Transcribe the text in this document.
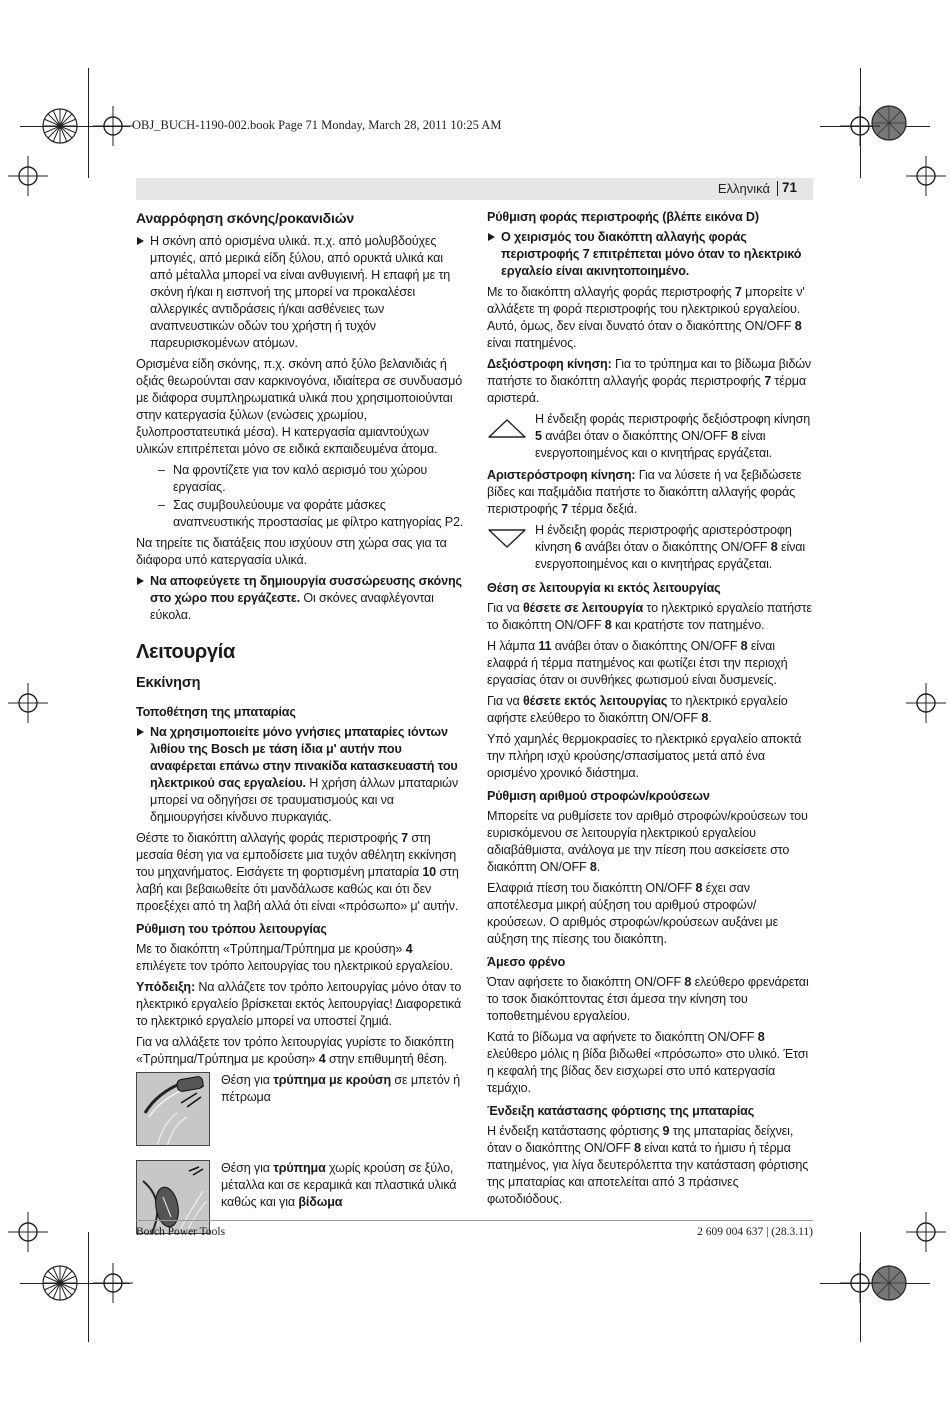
OBJ_BUCH-1190-002.book Page 71 Monday, March 28, 2011 10:25 AM
Ελληνικά 71
Αναρρόφηση σκόνης/ροκανιδιών

Η σκόνη από ορισμένα υλικά. π.χ. από μολυβδούχες μπογιές, από μερικά είδη ξύλου, από ορυκτά υλικά και από μέταλλα μπορεί να είναι ανθυγιεινή. Η επαφή με τη σκόνη ή/και η εισπνοή της μπορεί να προκαλέσει αλλεργικές αντιδράσεις ή/και ασθένειες των αναπνευστικών οδών του χρήστη ή τυχόν παρευρισκομένων ατόμων.

Ορισμένα είδη σκόνης, π.χ. σκόνη από ξύλο βελανιδιάς ή οξιάς θεωρούνται σαν καρκινογόνα, ιδιαίτερα σε συνδυασμό με διάφορα συμπληρωματικά υλικά που χρησιμοποιούνται στην κατεργασία ξύλων (ενώσεις χρωμίου, ξυλοπροστατευτικά μέσα). Η κατεργασία αμιαντούχων υλικών επιτρέπεται μόνο σε ειδικά εκπαιδευμένα άτομα.

– Να φροντίζετε για τον καλό αερισμό του χώρου εργασίας.
– Σας συμβουλεύουμε να φοράτε μάσκες αναπνευστικής προστασίας με φίλτρο κατηγορίας P2.

Να τηρείτε τις διατάξεις που ισχύουν στη χώρα σας για τα διάφορα υπό κατεργασία υλικά.

Να αποφεύγετε τη δημιουργία συσσώρευσης σκόνης στο χώρο που εργάζεστε. Οι σκόνες αναφλέγονται εύκολα.

Λειτουργία
Εκκίνηση
Τοποθέτηση της μπαταρίας

Να χρησιμοποιείτε μόνο γνήσιες μπαταρίες ιόντων λιθίου της Bosch με τάση ίδια μ' αυτήν που αναφέρεται επάνω στην πινακίδα κατασκευαστή του ηλεκτρικού σας εργαλείου. Η χρήση άλλων μπαταριών μπορεί να οδηγήσει σε τραυματισμούς και να δημιουργήσει κίνδυνο πυρκαγιάς.

Θέστε το διακόπτη αλλαγής φοράς περιστροφής 7 στη μεσαία θέση για να εμποδίσετε μια τυχόν αθέλητη εκκίνηση του μηχανήματος. Εισάγετε τη φορτισμένη μπαταρία 10 στη λαβή και βεβαιωθείτε ότι μανδάλωσε καθώς και ότι δεν προεξέχει από τη λαβή αλλά ότι είναι «πρόσωπο» μ' αυτήν.

Ρύθμιση του τρόπου λειτουργίας

Με το διακόπτη «Τρύπημα/Τρύπημα με κρούση» 4 επιλέγετε τον τρόπο λειτουργίας του ηλεκτρικού εργαλείου.

Υπόδειξη: Να αλλάζετε τον τρόπο λειτουργίας μόνο όταν το ηλεκτρικό εργαλείο βρίσκεται εκτός λειτουργίας! Διαφορετικά το ηλεκτρικό εργαλείο μπορεί να υποστεί ζημιά.

Για να αλλάξετε τον τρόπο λειτουργίας γυρίστε το διακόπτη «Τρύπημα/Τρύπημα με κρούση» 4 στην επιθυμητή θέση.

Θέση για τρύπημα με κρούση σε μπετόν ή πέτρωμα
Θέση για τρύπημα χωρίς κρούση σε ξύλο, μέταλλα και σε κεραμικά και πλαστικά υλικά καθώς και για βίδωμα
Ρύθμιση φοράς περιστροφής (βλέπε εικόνα D)

Ο χειρισμός του διακόπτη αλλαγής φοράς περιστροφής 7 επιτρέπεται μόνο όταν το ηλεκτρικό εργαλείο είναι ακινητοποιημένο.

Με το διακόπτη αλλαγής φοράς περιστροφής 7 μπορείτε ν' αλλάξετε τη φορά περιστροφής του ηλεκτρικού εργαλείου. Αυτό, όμως, δεν είναι δυνατό όταν ο διακόπτης ON/OFF 8 είναι πατημένος.

Δεξιόστροφη κίνηση: Για το τρύπημα και το βίδωμα βιδών πατήστε το διακόπτη αλλαγής φοράς περιστροφής 7 τέρμα αριστερά.

Η ένδειξη φοράς περιστροφής δεξιόστροφη κίνηση 5 ανάβει όταν ο διακόπτης ON/OFF 8 είναι ενεργοποιημένος και ο κινητήρας εργάζεται.

Αριστερόστροφη κίνηση: Για να λύσετε ή να ξεβιδώσετε βίδες και παξιμάδια πατήστε το διακόπτη αλλαγής φοράς περιστροφής 7 τέρμα δεξιά.

Η ένδειξη φοράς περιστροφής αριστερόστροφη κίνηση 6 ανάβει όταν ο διακόπτης ON/OFF 8 είναι ενεργοποιημένος και ο κινητήρας εργάζεται.
Θέση σε λειτουργία κι εκτός λειτουργίας

Για να θέσετε σε λειτουργία το ηλεκτρικό εργαλείο πατήστε το διακόπτη ON/OFF 8 και κρατήστε τον πατημένο.

Η λάμπα 11 ανάβει όταν ο διακόπτης ON/OFF 8 είναι ελαφρά ή τέρμα πατημένος και φωτίζει έτσι την περιοχή εργασίας όταν οι συνθήκες φωτισμού είναι δυσμενείς.

Για να θέσετε εκτός λειτουργίας το ηλεκτρικό εργαλείο αφήστε ελεύθερο το διακόπτη ON/OFF 8.

Υπό χαμηλές θερμοκρασίες το ηλεκτρικό εργαλείο αποκτά την πλήρη ισχύ κρούσης/σπασίματος μετά από ένα ορισμένο χρονικό διάστημα.

Ρύθμιση αριθμού στροφών/κρούσεων

Μπορείτε να ρυθμίσετε τον αριθμό στροφών/κρούσεων του ευρισκόμενου σε λειτουργία ηλεκτρικού εργαλείου αδιαβάθμιστα, ανάλογα με την πίεση που ασκείσετε στο διακόπτη ON/OFF 8.

Ελαφριά πίεση του διακόπτη ON/OFF 8 έχει σαν αποτέλεσμα μικρή αύξηση του αριθμού στροφών/κρούσεων. Ο αριθμός στροφών/κρούσεων αυξάνει με αύξηση της πίεσης του διακόπτη.

Άμεσο φρένο

Όταν αφήσετε το διακόπτη ON/OFF 8 ελεύθερο φρενάρεται το τσοκ διακόπτοντας έτσι άμεσα την κίνηση του τοποθετημένου εργαλείου.

Κατά το βίδωμα να αφήνετε το διακόπτη ON/OFF 8 ελεύθερο μόλις η βίδα βιδωθεί «πρόσωπο» στο υλικό. Έτσι η κεφαλή της βίδας δεν εισχωρεί στο υπό κατεργασία τεμάχιο.

Ένδειξη κατάστασης φόρτισης της μπαταρίας

Η ένδειξη κατάστασης φόρτισης 9 της μπαταρίας δείχνει, όταν ο διακόπτης ON/OFF 8 είναι κατά το ήμισυ ή τέρμα πατημένος, για λίγα δευτερόλεπτα την κατάσταση φόρτισης της μπαταρίας και αποτελείται από 3 πράσινες φωτοδιόδους.

Bosch Power Tools	2 609 004 637 | (28.3.11)
